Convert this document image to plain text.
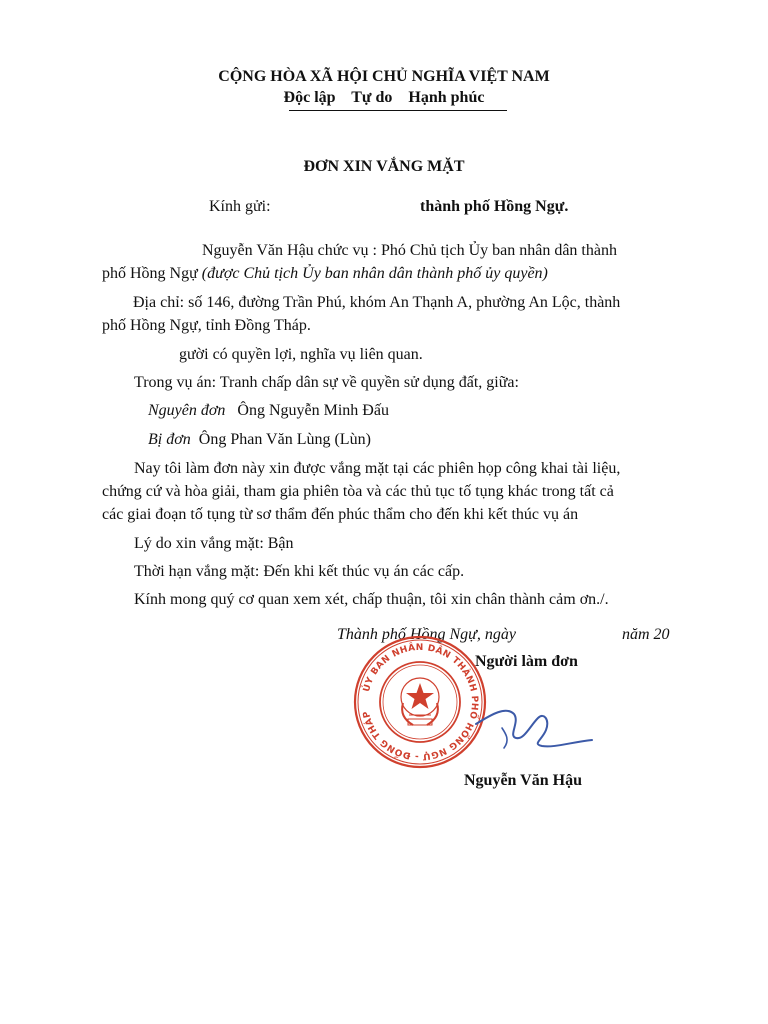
CỘNG HÒA XÃ HỘI CHỦ NGHĨA VIỆT NAM
Độc lập    Tự do    Hạnh phúc
ĐƠN XIN VẮNG MẶT
Kính gửi:	thành phố Hồng Ngự.
Nguyễn Văn Hậu chức vụ : Phó Chủ tịch Ủy ban nhân dân thành
phố Hồng Ngự (được Chủ tịch Ủy ban nhân dân thành phố ủy quyền)
Địa chỉ: số 146, đường Trần Phú, khóm An Thạnh A, phường An Lộc, thành
phố Hồng Ngự, tỉnh Đồng Tháp.
gười có quyền lợi, nghĩa vụ liên quan.
Trong vụ án: Tranh chấp dân sự về quyền sử dụng đất, giữa:
Nguyên đơn Ông Nguyễn Minh Đấu
Bị đơn Ông Phan Văn Lùng (Lùn)
Nay tôi làm đơn này xin được vắng mặt tại các phiên họp công khai tài liệu,
chứng cứ và hòa giải, tham gia phiên tòa và các thủ tục tố tụng khác trong tất cả
các giai đoạn tố tụng từ sơ thẩm đến phúc thẩm cho đến khi kết thúc vụ án
Lý do xin vắng mặt: Bận
Thời hạn vắng mặt: Đến khi kết thúc vụ án các cấp.
Kính mong quý cơ quan xem xét, chấp thuận, tôi xin chân thành cảm ơn./.
Thành phố Hồng Ngự, ngày	năm 20
Người làm đơn
ỦY BAN NHÂN DÂN THÀNH PHỐ HỒNG NGỰ - ĐỒNG THÁP
Nguyễn Văn Hậu
